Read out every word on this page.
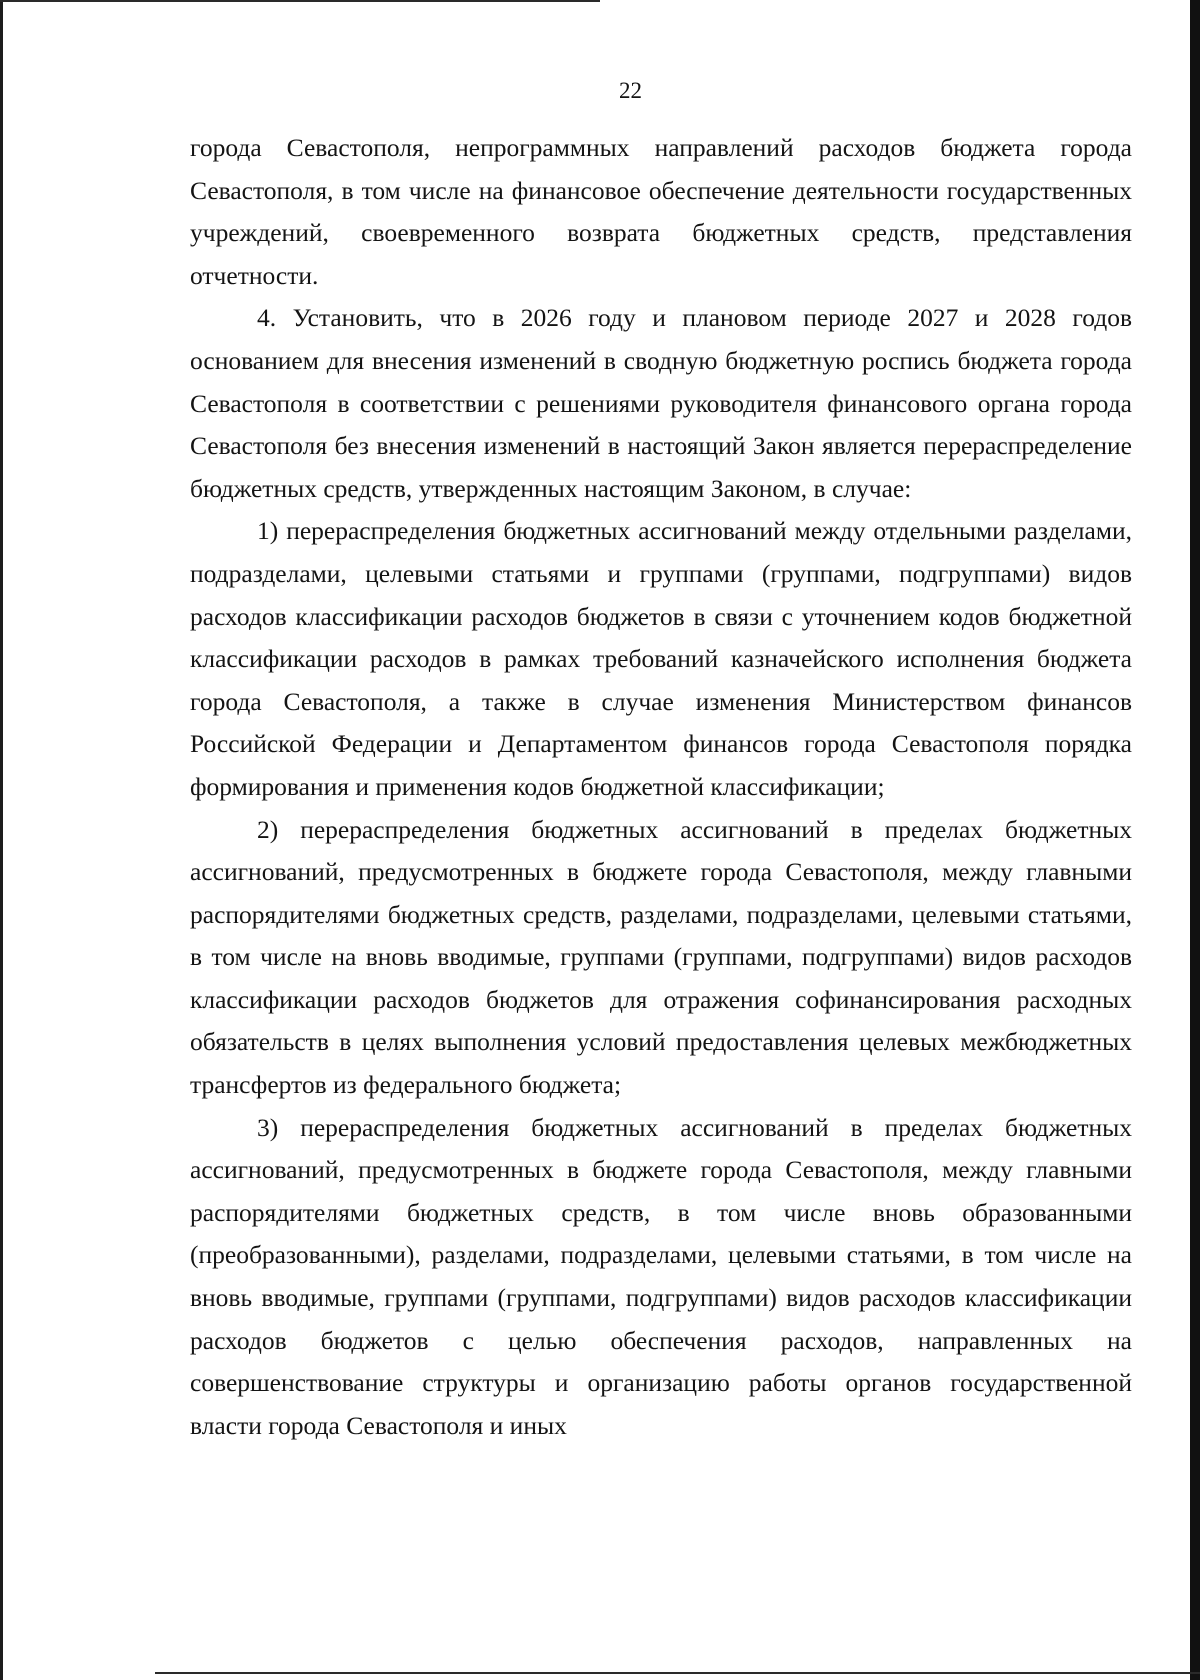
22

города Севастополя, непрограммных направлений расходов бюджета города Севастополя, в том числе на финансовое обеспечение деятельности государственных учреждений, своевременного возврата бюджетных средств, представления отчетности.

4. Установить, что в 2026 году и плановом периоде 2027 и 2028 годов основанием для внесения изменений в сводную бюджетную роспись бюджета города Севастополя в соответствии с решениями руководителя финансового органа города Севастополя без внесения изменений в настоящий Закон является перераспределение бюджетных средств, утвержденных настоящим Законом, в случае:

1) перераспределения бюджетных ассигнований между отдельными разделами, подразделами, целевыми статьями и группами (группами, подгруппами) видов расходов классификации расходов бюджетов в связи с уточнением кодов бюджетной классификации расходов в рамках требований казначейского исполнения бюджета города Севастополя, а также в случае изменения Министерством финансов Российской Федерации и Департаментом финансов города Севастополя порядка формирования и применения кодов бюджетной классификации;

2) перераспределения бюджетных ассигнований в пределах бюджетных ассигнований, предусмотренных в бюджете города Севастополя, между главными распорядителями бюджетных средств, разделами, подразделами, целевыми статьями, в том числе на вновь вводимые, группами (группами, подгруппами) видов расходов классификации расходов бюджетов для отражения софинансирования расходных обязательств в целях выполнения условий предоставления целевых межбюджетных трансфертов из федерального бюджета;

3) перераспределения бюджетных ассигнований в пределах бюджетных ассигнований, предусмотренных в бюджете города Севастополя, между главными распорядителями бюджетных средств, в том числе вновь образованными (преобразованными), разделами, подразделами, целевыми статьями, в том числе на вновь вводимые, группами (группами, подгруппами) видов расходов классификации расходов бюджетов с целью обеспечения расходов, направленных на совершенствование структуры и организацию работы органов государственной власти города Севастополя и иных
